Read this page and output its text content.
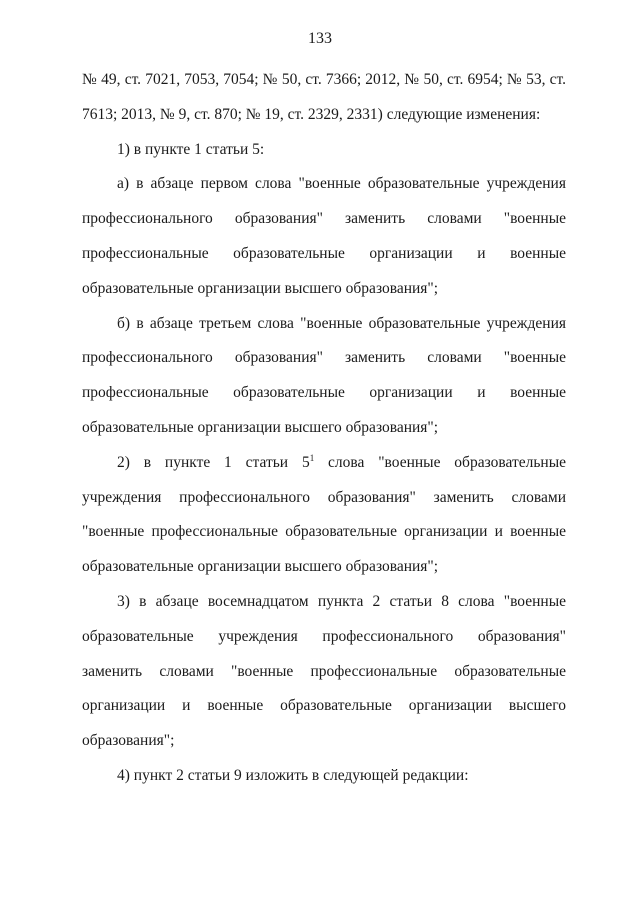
133

№ 49, ст. 7021, 7053, 7054; № 50, ст. 7366; 2012, № 50, ст. 6954; № 53, ст. 7613; 2013, № 9, ст. 870; № 19, ст. 2329, 2331) следующие изменения:

1) в пункте 1 статьи 5:

а) в абзаце первом слова "военные образовательные учреждения профессионального образования" заменить словами "военные профессиональные образовательные организации и военные образовательные организации высшего образования";

б) в абзаце третьем слова "военные образовательные учреждения профессионального образования" заменить словами "военные профессиональные образовательные организации и военные образовательные организации высшего образования";

2) в пункте 1 статьи $5^1$ слова "военные образовательные учреждения профессионального образования" заменить словами "военные профессиональные образовательные организации и военные образовательные организации высшего образования";

3) в абзаце восемнадцатом пункта 2 статьи 8 слова "военные образовательные учреждения профессионального образования" заменить словами "военные профессиональные образовательные организации и военные образовательные организации высшего образования";

4) пункт 2 статьи 9 изложить в следующей редакции:
